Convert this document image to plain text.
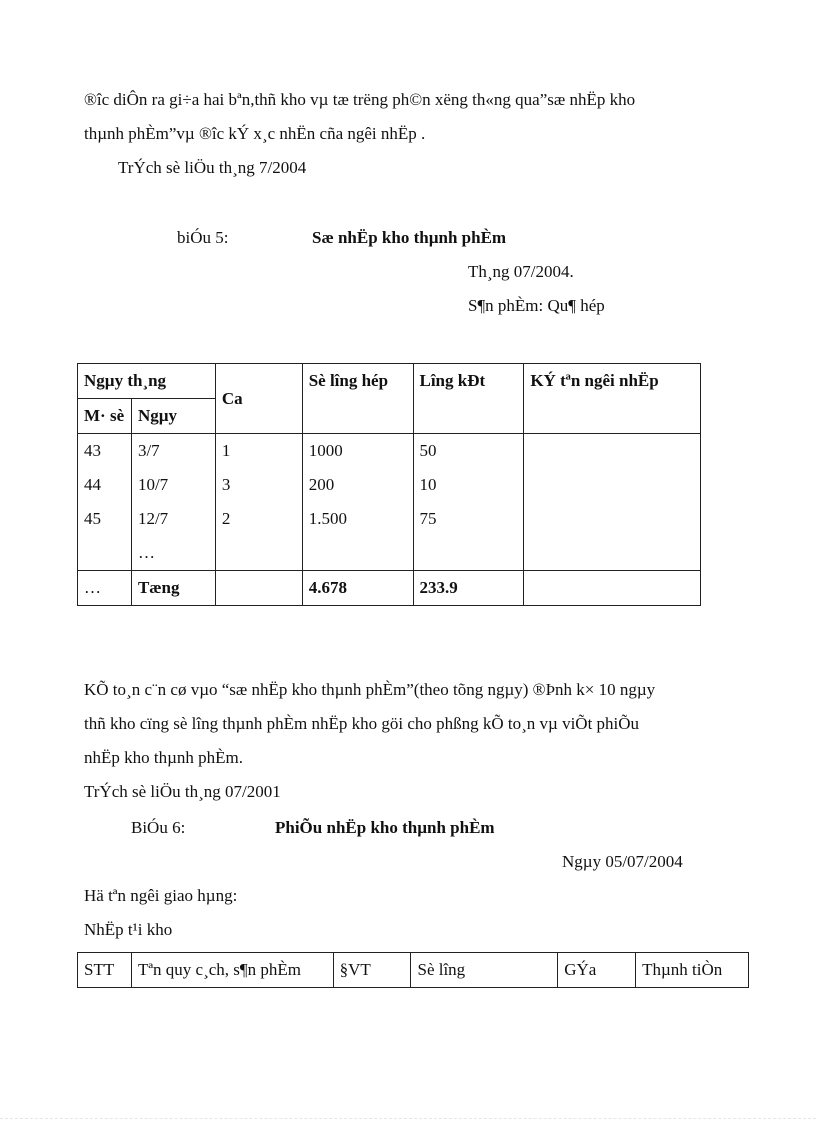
®îc diÔn ra gi÷a hai bªn,thñ kho vµ tæ trëng ph©n xëng th«ng qua”sæ nhËp kho
thµnh phÈm”vµ ®îc kÝ x¸c nhËn cña ngêi nhËp .
TrÝch sè liÖu th¸ng 7/2004
biÓu 5:	Sæ nhËp kho thµnh phÈm
Th¸ng 07/2004.
S¶n phÈm: Qu¶ hép
Ngµy th¸ng		Ca	Sè lîng hép	Lîng kÐt	KÝ tªn ngêi nhËp
M· sè	Ngµy				
43	3/7	1	1000	50	
44	10/7	3	200	10	
45	12/7	2	1.500	75	
	…				
…	Tæng		4.678	233.9	
KÕ to¸n c¨n cø vµo “sæ nhËp kho thµnh phÈm”(theo tõng ngµy) ®Þnh k× 10 ngµy
thñ kho cïng sè lîng thµnh phÈm nhËp kho göi cho phßng kÕ to¸n vµ viÕt phiÕu
nhËp kho thµnh phÈm.
TrÝch sè liÖu th¸ng 07/2001
BiÓu 6:	PhiÕu nhËp kho thµnh phÈm
Ngµy 05/07/2004
Hä tªn ngêi giao hµng:
NhËp t¹i kho
STT	Tªn quy c¸ch, s¶n phÈm	§VT	Sè lîng	GÝa	Thµnh tiÒn
